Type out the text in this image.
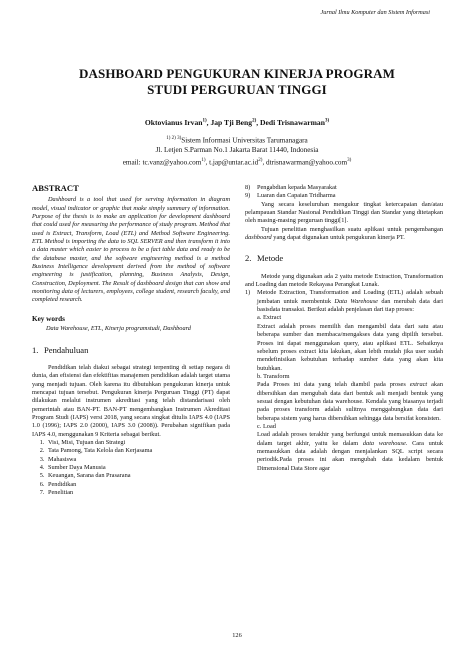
Jurnal Ilmu Komputer dan Sistem Informasi
DASHBOARD PENGUKURAN KINERJA PROGRAM
STUDI PERGURUAN TINGGI
Oktovianus Irvan$^{1)}$, Jap Tji Beng$^{2)}$, Dedi Trisnawarman$^{3)}$
$^{1) 2) 3)}$Sistem Informasi Universitas Tarumanagara
Jl. Letjen S.Parman No.1 Jakarta Barat 11440, Indonesia
email: tc.vanz@yahoo.com$^{1)}$, $t.jap@untar.ac.id^{2)}$, dtrisnawarman@yahoo.com$^{3)}$
ABSTRACT

Dashboard is a tool that used for serving information in diagram model, visual indicator or graphic that make simply summary of information. Purpose of the thesis is to make an application for development dashboard that could used for measuring the performance of study program. Method that used is Extract, Transform, Load (ETL) and Method Software Engineering. ETL Method is importing the data to SQL SERVER and then transform it into a data master which easier to process to be a fact table data and ready to be the database master, and the software engineering method is a method Business Intelligence development derived from the method of software engineering is justification, planning, Business Analysis, Design, Construction, Deployment. The Result of dashboard design that can show and monitoring data of lecturers, employees, college student, research faculty, and completed research.

Key words

Data Warehouse, ETL, Kinerja programstudi, Dashboard

1. Pendahuluan

Pendidikan telah diakui sebagai strategi terpenting di setiap negara di dunia, dan efisiensi dan efektifitas manajemen pendidikan adalah target utama yang menjadi tujuan. Oleh karena itu dibutuhkan pengukuran kinerja untuk mencapai tujuan tersebut. Pengukuran kinerja Perguruan Tinggi (PT) dapat dilakukan melalui instrumen akreditasi yang telah distandarisasi oleh pemerintah atau BAN-PT. BAN-PT mengembangkan Instrumen Akreditasi Program Studi (IAPS) versi 2018, yang secara singkat ditulis IAPS 4.0 (IAPS 1.0 (1996); IAPS 2.0 (2000), IAPS 3.0 (2008)). Perubahan signifikan pada IAPS 4.0, menggunakan 9 Kriteria sebagai berikut.

1. Visi, Misi, Tujuan dan Strategi
2. Tata Pamong, Tata Kelola dan Kerjasama
3. Mahasiswa
4. Sumber Daya Manusia
5. Keuangan, Sarana dan Prasarana
6. Pendidikan
7. Penelitian
8)	Pengabdian kepada Masyarakat
9)	Luaran dan Capaian Tridharma

Yang secara keseluruhan mengukur tingkat ketercapaian dan/atau pelampauan Standar Nasional Pendidikan Tinggi dan Standar yang ditetapkan oleh masing-masing perguruan tinggi[1].

Tujuan penelitian menghasilkan suatu aplikasi untuk pengembangan dashboard yang dapat digunakan untuk pengukuran kinerja PT.

2. Metode

Metode yang digunakan ada 2 yaitu metode Extraction, Transformation and Loading dan metode Rekayasa Perangkat Lunak.

1)	Metode Extraction, Transformation and Loading (ETL) adalah sebuah jembatan untuk membentuk Data Warehouse dan merubah data dari basisdata transaksi. Berikut adalah penjelasan dari tiap proses:

a. Extract

Extract adalah proses memilih dan mengambil data dari satu atau beberapa sumber dan membaca/mengakses data yang dipilih tersebut. Proses ini dapat menggunakan query, atau aplikasi ETL. Sebaiknya sebelum proses extract kita lakukan, akan lebih mudah jika user sudah mendefinisikan kebutuhan terhadap sumber data yang akan kita butuhkan.

b. Transform

Pada Proses ini data yang telah diambil pada proses extract akan dibersihkan dan mengubah data dari bentuk asli menjadi bentuk yang sesuai dengan kebutuhan data warehouse. Kendala yang biasanya terjadi pada proses transform adalah sulitnya menggabungkan data dari beberapa sistem yang harus dibersihkan sehingga data bersifat konsisten.

c. Load

Load adalah proses terakhir yang berfungsi untuk memasukkan data ke dalam target akhir, yaitu ke dalam data warehouse. Cara untuk memasukkan data adalah dengan menjalankan SQL script secara periodik.Pada proses ini akan mengubah data kedalam bentuk Dimensional Data Store agar

126
